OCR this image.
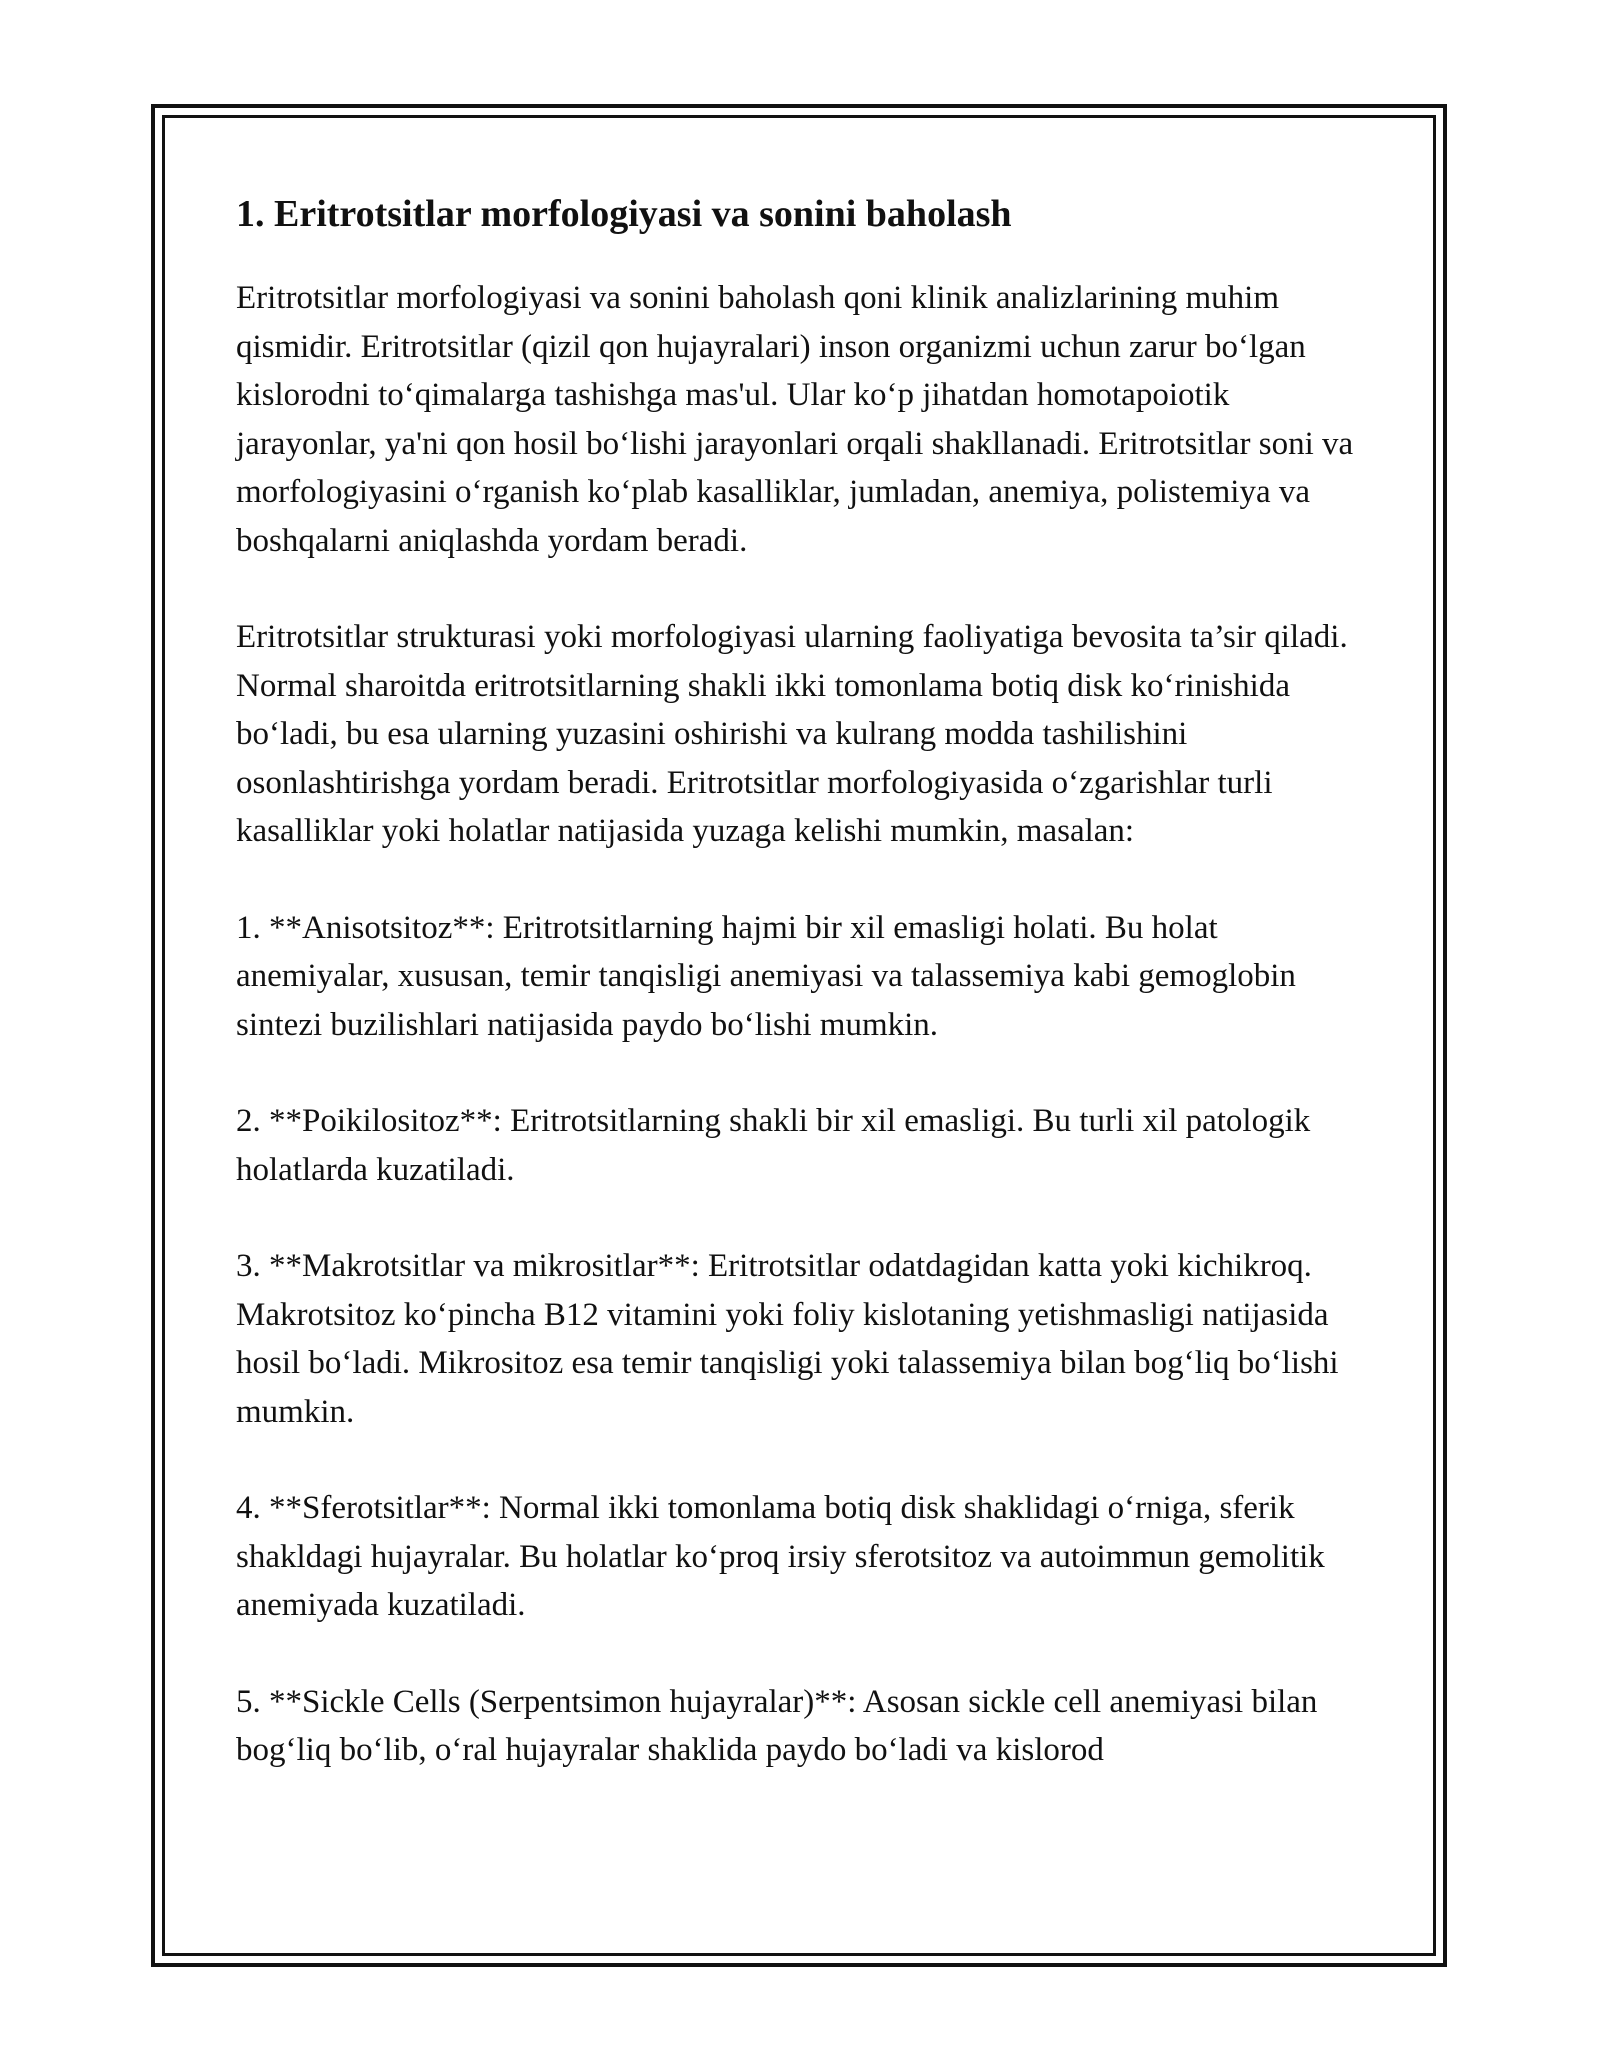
1. Eritrotsitlar morfologiyasi va sonini baholash

Eritrotsitlar morfologiyasi va sonini baholash qoni klinik analizlarining muhim qismidir. Eritrotsitlar (qizil qon hujayralari) inson organizmi uchun zarur boʻlgan kislorodni toʻqimalarga tashishga mas'ul. Ular koʻp jihatdan homotapoiotik jarayonlar, ya'ni qon hosil boʻlishi jarayonlari orqali shakllanadi. Eritrotsitlar soni va morfologiyasini oʻrganish koʻplab kasalliklar, jumladan, anemiya, polistemiya va boshqalarni aniqlashda yordam beradi.

Eritrotsitlar strukturasi yoki morfologiyasi ularning faoliyatiga bevosita ta’sir qiladi. Normal sharoitda eritrotsitlarning shakli ikki tomonlama botiq disk koʻrinishida boʻladi, bu esa ularning yuzasini oshirishi va kulrang modda tashilishini osonlashtirishga yordam beradi. Eritrotsitlar morfologiyasida oʻzgarishlar turli kasalliklar yoki holatlar natijasida yuzaga kelishi mumkin, masalan:

1. **Anisotsitoz**: Eritrotsitlarning hajmi bir xil emasligi holati. Bu holat anemiyalar, xususan, temir tanqisligi anemiyasi va talassemiya kabi gemoglobin sintezi buzilishlari natijasida paydo boʻlishi mumkin.

2. **Poikilositoz**: Eritrotsitlarning shakli bir xil emasligi. Bu turli xil patologik holatlarda kuzatiladi.

3. **Makrotsitlar va mikrositlar**: Eritrotsitlar odatdagidan katta yoki kichikroq. Makrotsitoz koʻpincha B12 vitamini yoki foliy kislotaning yetishmasligi natijasida hosil boʻladi. Mikrositoz esa temir tanqisligi yoki talassemiya bilan bogʻliq boʻlishi mumkin.

4. **Sferotsitlar**: Normal ikki tomonlama botiq disk shaklidagi oʻrniga, sferik shakldagi hujayralar. Bu holatlar koʻproq irsiy sferotsitoz va autoimmun gemolitik anemiyada kuzatiladi.

5. **Sickle Cells (Serpentsimon hujayralar)**: Asosan sickle cell anemiyasi bilan bogʻliq boʻlib, oʻral hujayralar shaklida paydo boʻladi va kislorod
